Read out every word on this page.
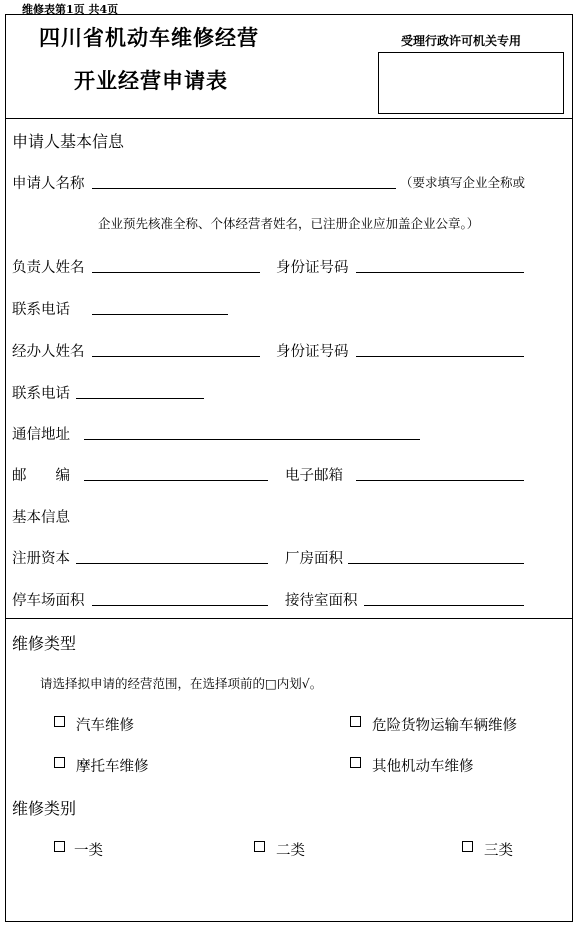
维修表第1页 共4页
四川省机动车维修经营
开业经营申请表
受理行政许可机关专用
申请人基本信息
申请人名称	（要求填写企业全称或
企业预先核准全称、个体经营者姓名，已注册企业应加盖企业公章。）
负责人姓名	身份证号码
联系电话
经办人姓名	身份证号码
联系电话
通信地址
邮　　编	电子邮箱
基本信息
注册资本	厂房面积
停车场面积	接待室面积
维修类型
请选择拟申请的经营范围，在选择项前的□内划√。
汽车维修	危险货物运输车辆维修
摩托车维修	其他机动车维修
维修类别
一类	二类	三类
